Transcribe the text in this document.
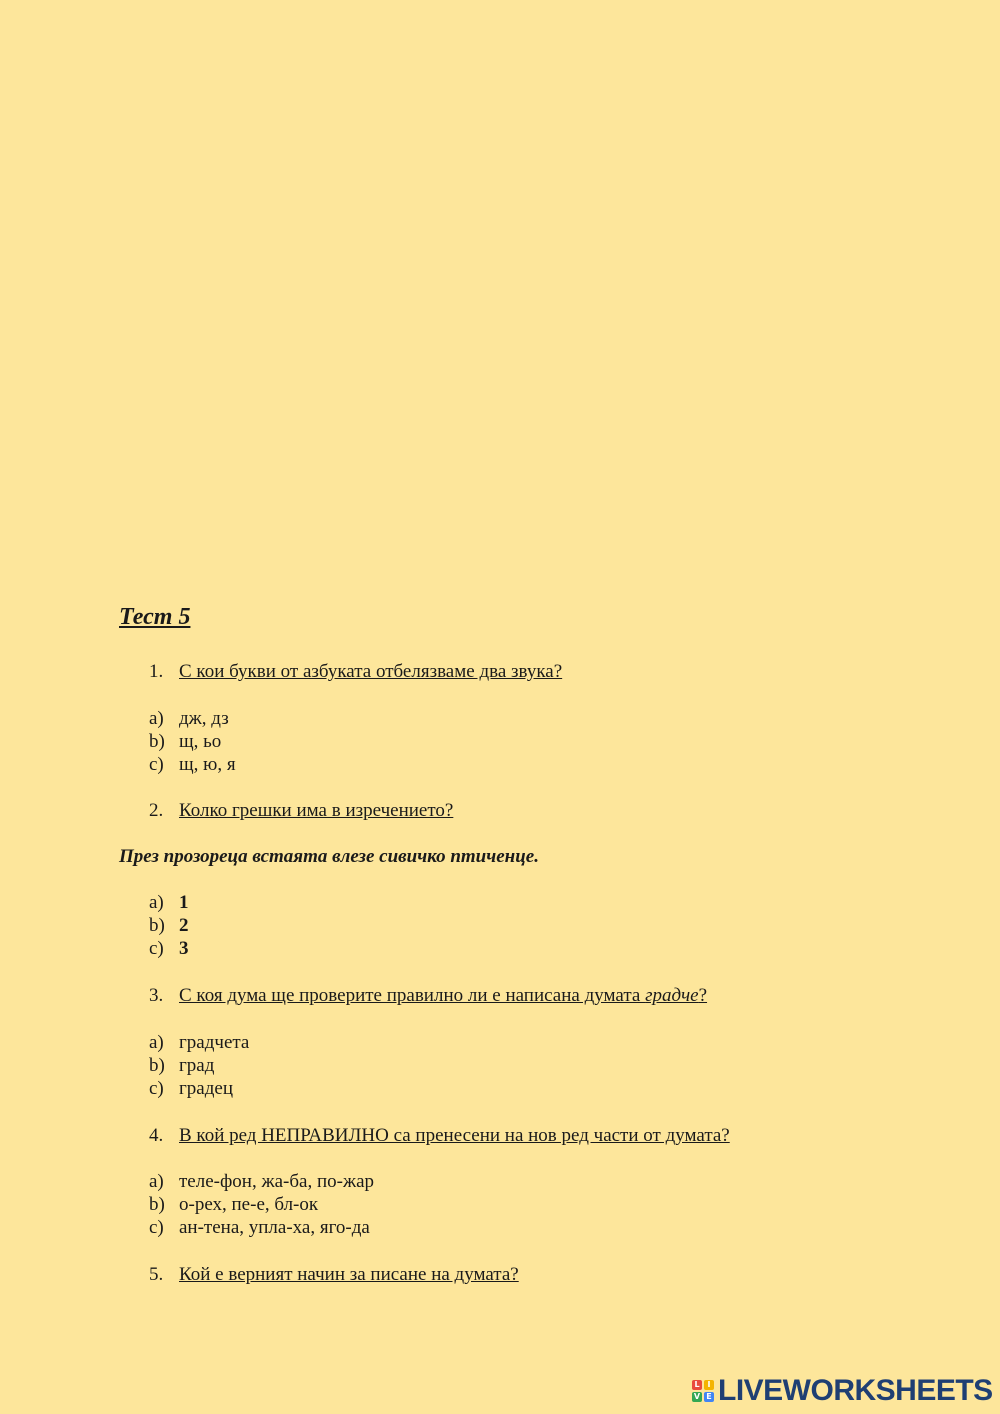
Тест 5
1. С кои букви от азбуката отбелязваме два звука?
a) дж, дз
b) щ, ьо
c) щ, ю, я
2. Колко грешки има в изречението?
През прозореца встаята влезе сивичко птиченце.
a) 1
b) 2
c) 3
3. С коя дума ще проверите правилно ли е написана думата градче?
a) градчета
b) град
c) градец
4. В кой ред НЕПРАВИЛНО са пренесени на нов ред части от думата?
a) теле-фон, жа-ба, по-жар
b) о-рех, пе-е, бл-ок
c) ан-тена, упла-ха, яго-да
5. Кой е верният начин за писане на думата?
L I
V E LIVEWORKSHEETS
